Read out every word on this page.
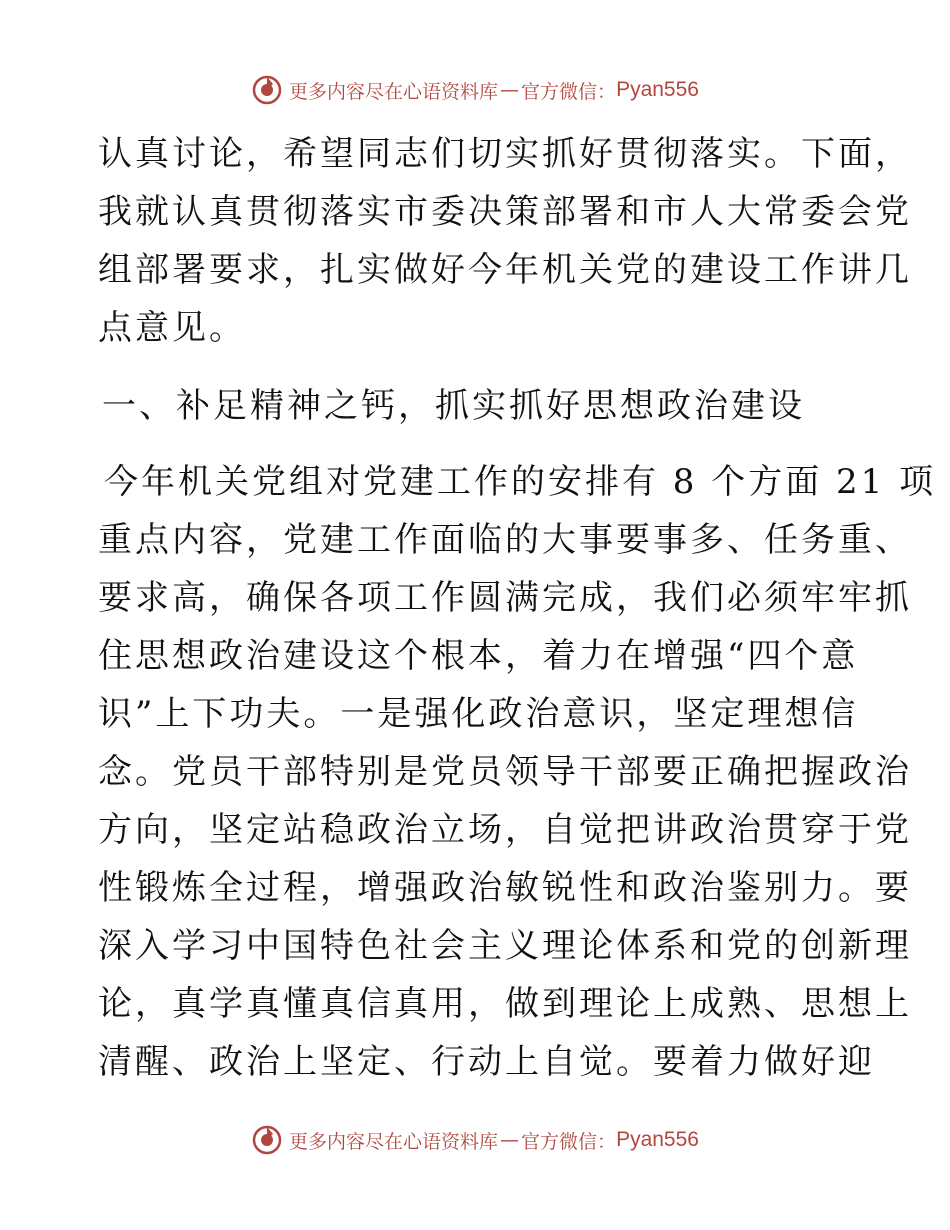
更多内容尽在心语资料库 — 官方微信： Pyan556
认真讨论，希望同志们切实抓好贯彻落实。下面，
我就认真贯彻落实市委决策部署和市人大常委会党
组部署要求，扎实做好今年机关党的建设工作讲几
点意见。
一、补足精神之钙，抓实抓好思想政治建设
今年机关党组对党建工作的安排有 8 个方面 21 项
重点内容，党建工作面临的大事要事多、任务重、
要求高，确保各项工作圆满完成，我们必须牢牢抓
住思想政治建设这个根本，着力在增强“四个意
识”上下功夫。一是强化政治意识，坚定理想信
念。党员干部特别是党员领导干部要正确把握政治
方向，坚定站稳政治立场，自觉把讲政治贯穿于党
性锻炼全过程，增强政治敏锐性和政治鉴别力。要
深入学习中国特色社会主义理论体系和党的创新理
论，真学真懂真信真用，做到理论上成熟、思想上
清醒、政治上坚定、行动上自觉。要着力做好迎
更多内容尽在心语资料库 — 官方微信： Pyan556
